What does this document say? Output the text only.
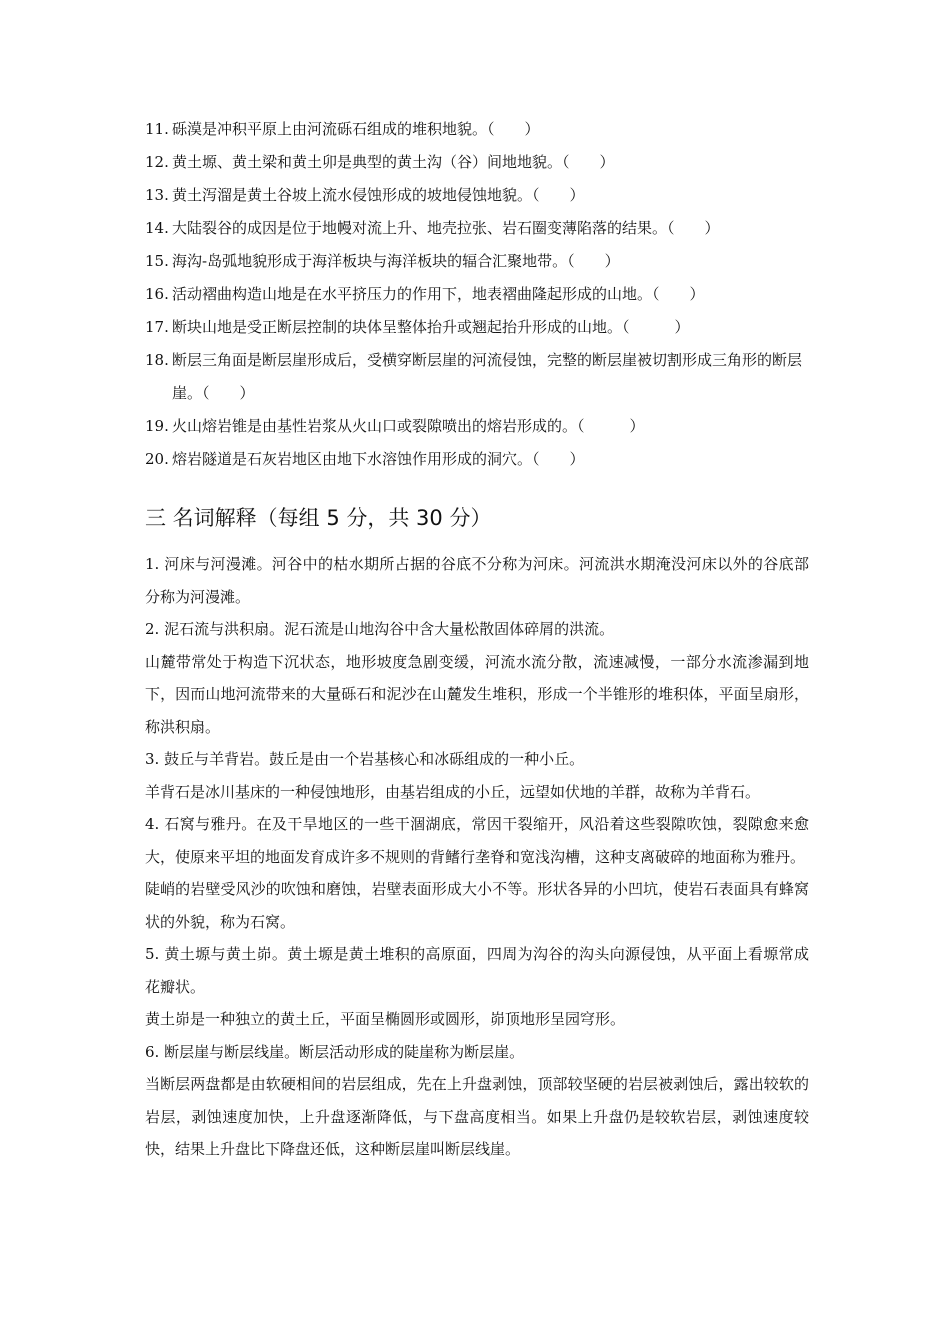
11. 砾漠是冲积平原上由河流砾石组成的堆积地貌。（　　）
12. 黄土塬、黄土梁和黄土卯是典型的黄土沟（谷）间地地貌。（　　）
13. 黄土泻溜是黄土谷坡上流水侵蚀形成的坡地侵蚀地貌。（　　）
14. 大陆裂谷的成因是位于地幔对流上升、地壳拉张、岩石圈变薄陷落的结果。（　　）
15. 海沟-岛弧地貌形成于海洋板块与海洋板块的辐合汇聚地带。（　　）
16. 活动褶曲构造山地是在水平挤压力的作用下，地表褶曲隆起形成的山地。（　　）
17. 断块山地是受正断层控制的块体呈整体抬升或翘起抬升形成的山地。（　　　）
18. 断层三角面是断层崖形成后，受横穿断层崖的河流侵蚀，完整的断层崖被切割形成三角形的断层崖。（　　）
19. 火山熔岩锥是由基性岩浆从火山口或裂隙喷出的熔岩形成的。（　　　）
20. 熔岩隧道是石灰岩地区由地下水溶蚀作用形成的洞穴。（　　）
三 名词解释（每组 5 分，共 30 分）

1. 河床与河漫滩。河谷中的枯水期所占据的谷底不分称为河床。河流洪水期淹没河床以外的谷底部分称为河漫滩。

2. 泥石流与洪积扇。泥石流是山地沟谷中含大量松散固体碎屑的洪流。

山麓带常处于构造下沉状态，地形坡度急剧变缓，河流水流分散，流速减慢，一部分水流渗漏到地下，因而山地河流带来的大量砾石和泥沙在山麓发生堆积，形成一个半锥形的堆积体，平面呈扇形，称洪积扇。

3. 鼓丘与羊背岩。鼓丘是由一个岩基核心和冰砾组成的一种小丘。

羊背石是冰川基床的一种侵蚀地形，由基岩组成的小丘，远望如伏地的羊群，故称为羊背石。

4. 石窝与雅丹。在及干旱地区的一些干涸湖底，常因干裂缩开，风沿着这些裂隙吹蚀，裂隙愈来愈大，使原来平坦的地面发育成许多不规则的背鳍行垄脊和宽浅沟槽，这种支离破碎的地面称为雅丹。

陡峭的岩壁受风沙的吹蚀和磨蚀，岩壁表面形成大小不等。形状各异的小凹坑，使岩石表面具有蜂窝状的外貌，称为石窝。

5. 黄土塬与黄土峁。黄土塬是黄土堆积的高原面，四周为沟谷的沟头向源侵蚀，从平面上看塬常成花瓣状。

黄土峁是一种独立的黄土丘，平面呈椭圆形或圆形，峁顶地形呈园穹形。

6. 断层崖与断层线崖。断层活动形成的陡崖称为断层崖。

当断层两盘都是由软硬相间的岩层组成，先在上升盘剥蚀，顶部较坚硬的岩层被剥蚀后，露出较软的岩层，剥蚀速度加快，上升盘逐渐降低，与下盘高度相当。如果上升盘仍是较软岩层，剥蚀速度较快，结果上升盘比下降盘还低，这种断层崖叫断层线崖。
